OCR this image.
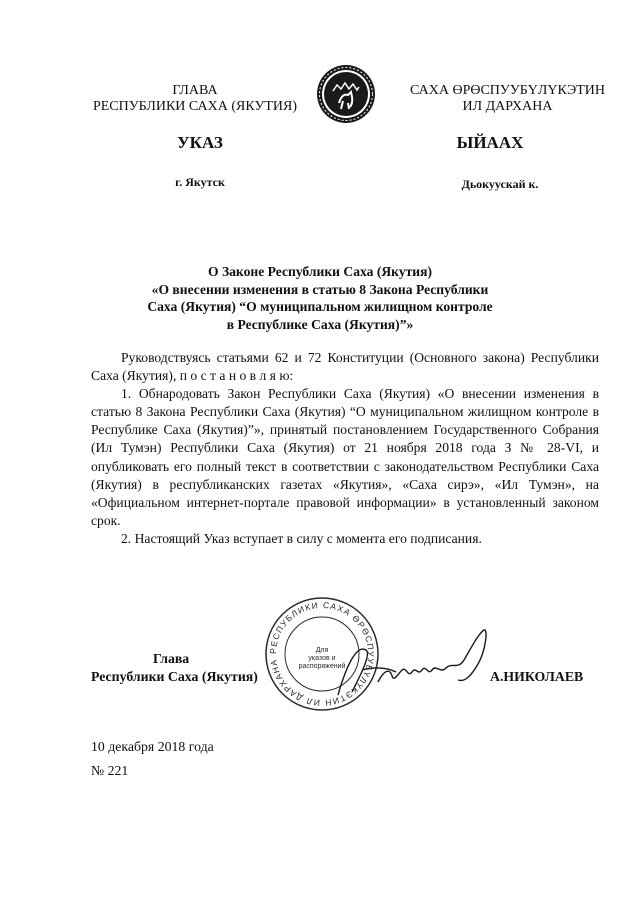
ГЛАВА
РЕСПУБЛИКИ САХА (ЯКУТИЯ)
САХА ӨРӨСПУУБҮЛҮКЭТИН
ИЛ ДАРХАНА
УКАЗ	ЫЙААХ
г. Якутск	Дьокуускай к.
О Законе Республики Саха (Якутия)
«О внесении изменения в статью 8 Закона Республики
Саха (Якутия) “О муниципальном жилищном контроле
в Республике Саха (Якутия)”»

Руководствуясь статьями 62 и 72 Конституции (Основного закона) Республики Саха (Якутия), п о с т а н о в л я ю:

1. Обнародовать Закон Республики Саха (Якутия) «О внесении изменения в статью 8 Закона Республики Саха (Якутия) “О муниципальном жилищном контроле в Республике Саха (Якутия)”», принятый постановлением Государственного Собрания (Ил Тумэн) Республики Саха (Якутия) от 21 ноября 2018 года З № 28-VI, и опубликовать его полный текст в соответствии с законодательством Республики Саха (Якутия) в республиканских газетах «Якутия», «Саха сирэ», «Ил Тумэн», на «Официальном интернет-портале правовой информации» в установленный законом срок.

2. Настоящий Указ вступает в силу с момента его подписания.

РЕСПУБЛИКИ САХА ӨРӨСПУУБҮЛҮКЭТИН ИЛ ДАРХАНА
Для
указов и
распоряжений
Глава
Республики Саха (Якутия)	А.НИКОЛАЕВ
10 декабря 2018 года
№ 221
